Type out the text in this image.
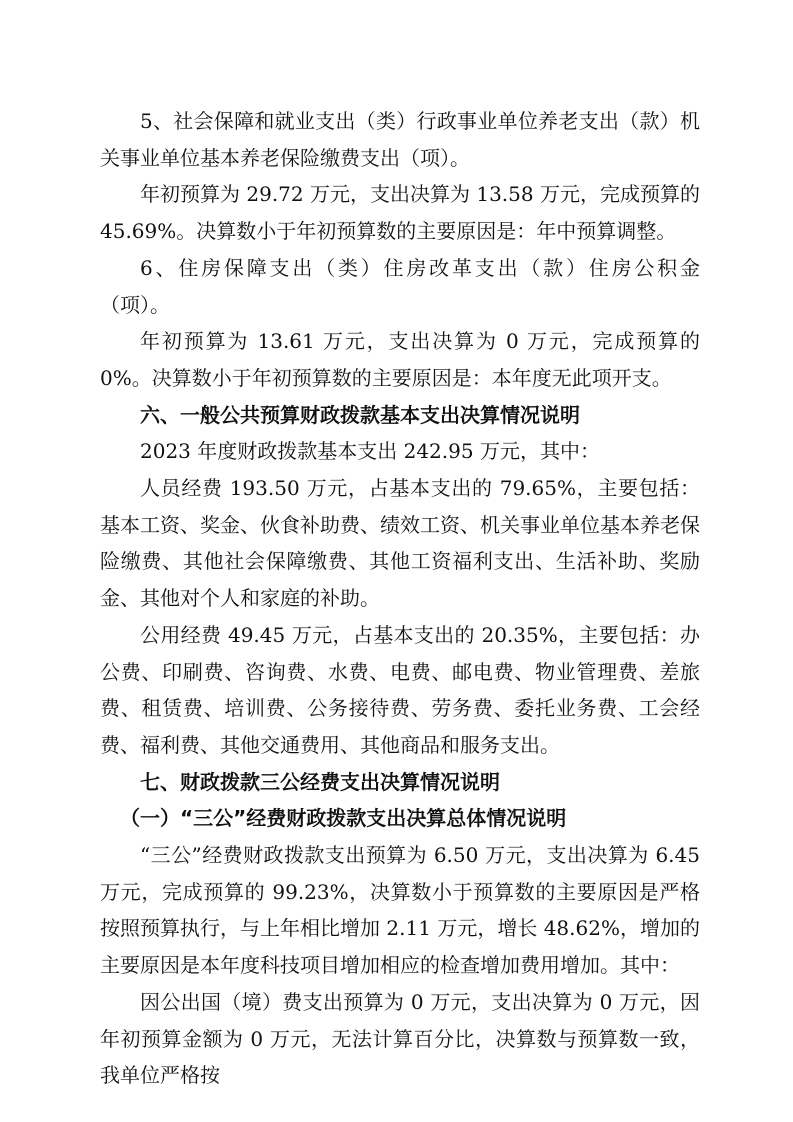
5、社会保障和就业支出（类）行政事业单位养老支出（款）机关事业单位基本养老保险缴费支出（项）。

年初预算为 29.72 万元，支出决算为 13.58 万元，完成预算的 45.69%。决算数小于年初预算数的主要原因是：年中预算调整。

6、住房保障支出（类）住房改革支出（款）住房公积金（项）。

年初预算为 13.61 万元，支出决算为 0 万元，完成预算的 0%。决算数小于年初预算数的主要原因是：本年度无此项开支。

六、一般公共预算财政拨款基本支出决算情况说明

2023 年度财政拨款基本支出 242.95 万元，其中：

人员经费 193.50 万元，占基本支出的 79.65%，主要包括：基本工资、奖金、伙食补助费、绩效工资、机关事业单位基本养老保险缴费、其他社会保障缴费、其他工资福利支出、生活补助、奖励金、其他对个人和家庭的补助。

公用经费 49.45 万元，占基本支出的 20.35%，主要包括：办公费、印刷费、咨询费、水费、电费、邮电费、物业管理费、差旅费、租赁费、培训费、公务接待费、劳务费、委托业务费、工会经费、福利费、其他交通费用、其他商品和服务支出。

七、财政拨款三公经费支出决算情况说明

（一）“三公”经费财政拨款支出决算总体情况说明

“三公”经费财政拨款支出预算为 6.50 万元，支出决算为 6.45 万元，完成预算的 99.23%，决算数小于预算数的主要原因是严格按照预算执行，与上年相比增加 2.11 万元，增长 48.62%，增加的主要原因是本年度科技项目增加相应的检查增加费用增加。其中：

因公出国（境）费支出预算为 0 万元，支出决算为 0 万元，因年初预算金额为 0 万元，无法计算百分比，决算数与预算数一致，我单位严格按
